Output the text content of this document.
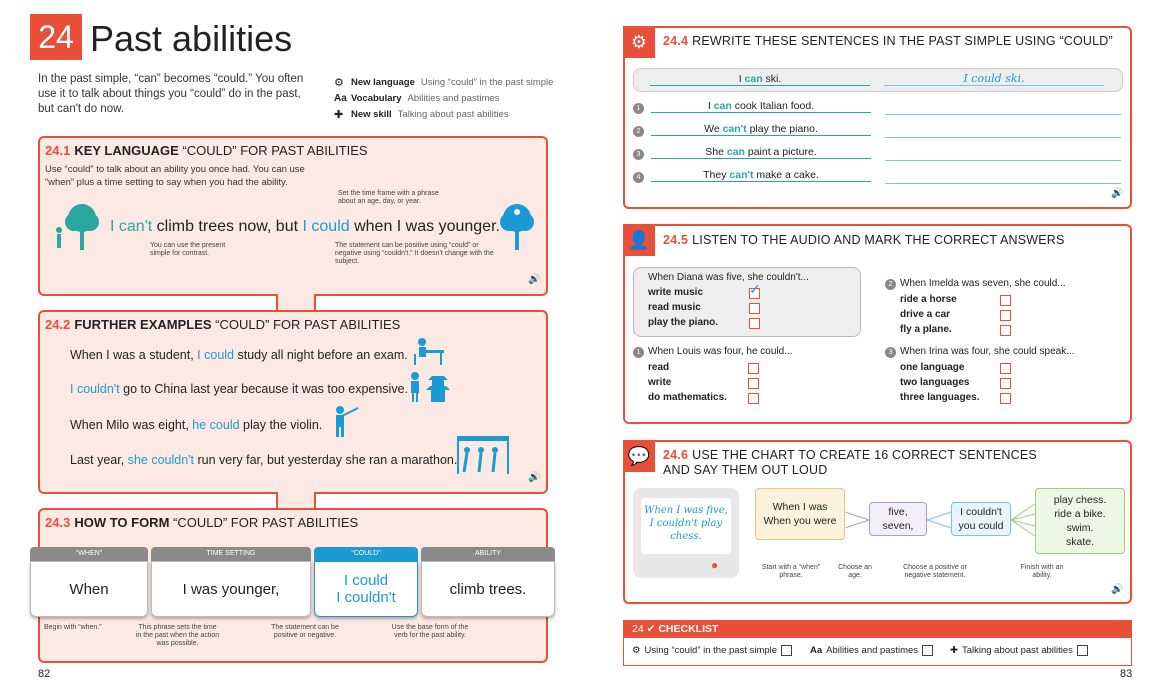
24 Past abilities
In the past simple, “can” becomes “could.” You often use it to talk about things you “could” do in the past, but can't do now.
⚙ New language Using “could” in the past simple
Aa Vocabulary Abilities and pastimes
✚ New skill Talking about past abilities
24.1 KEY LANGUAGE “COULD” FOR PAST ABILITIES
Use “could” to talk about an ability you once had. You can use “when” plus a time setting to say when you had the ability.
Set the time frame with a phrase about an age, day, or year.
I can't climb trees now, but I could when I was younger.
You can use the present simple for contrast.
The statement can be positive using “could” or negative using “couldn't.” It doesn't change with the subject.
🔊
24.2 FURTHER EXAMPLES “COULD” FOR PAST ABILITIES
When I was a student, I could study all night before an exam.
I couldn't go to China last year because it was too expensive.
When Milo was eight, he could play the violin.
Last year, she couldn't run very far, but yesterday she ran a marathon.
🔊
24.3 HOW TO FORM “COULD” FOR PAST ABILITIES
“WHEN”
When
TIME SETTING
I was younger,
“COULD”
I could
I couldn't
ABILITY
climb trees.
Begin with “when.”	This phrase sets the time in the past when the action was possible.
The statement can be positive or negative.
Use the base form of the verb for the past ability.
82
⚙	24.4 REWRITE THESE SENTENCES IN THE PAST SIMPLE USING “COULD”
I can ski.	I could ski.
1	I can cook Italian food.
2	We can't play the piano.
3	She can paint a picture.
4	They can't make a cake.
🔊
👤	24.5 LISTEN TO THE AUDIO AND MARK THE CORRECT ANSWERS
When Diana was five, she couldn't...
write music	✓
read music
play the piano.
1 When Louis was four, he could...
read
write
do mathematics.
2 When Imelda was seven, she could...
ride a horse
drive a car
fly a plane.
3 When Irina was four, she could speak...
one language
two languages
three languages.
💬	24.6 USE THE CHART TO CREATE 16 CORRECT SENTENCES
AND SAY THEM OUT LOUD
When I was five, I couldn't play chess.
●
When I was
When you were
five,
seven,
I couldn't
you could
play chess.
ride a bike.
swim.
skate.
Start with a “when” phrase.
Choose an age.
Choose a positive or negative statement.
Finish with an ability.
🔊
24 ✔ CHECKLIST
⚙ Using “could” in the past simple	Aa Abilities and pastimes	✚ Talking about past abilities
83
